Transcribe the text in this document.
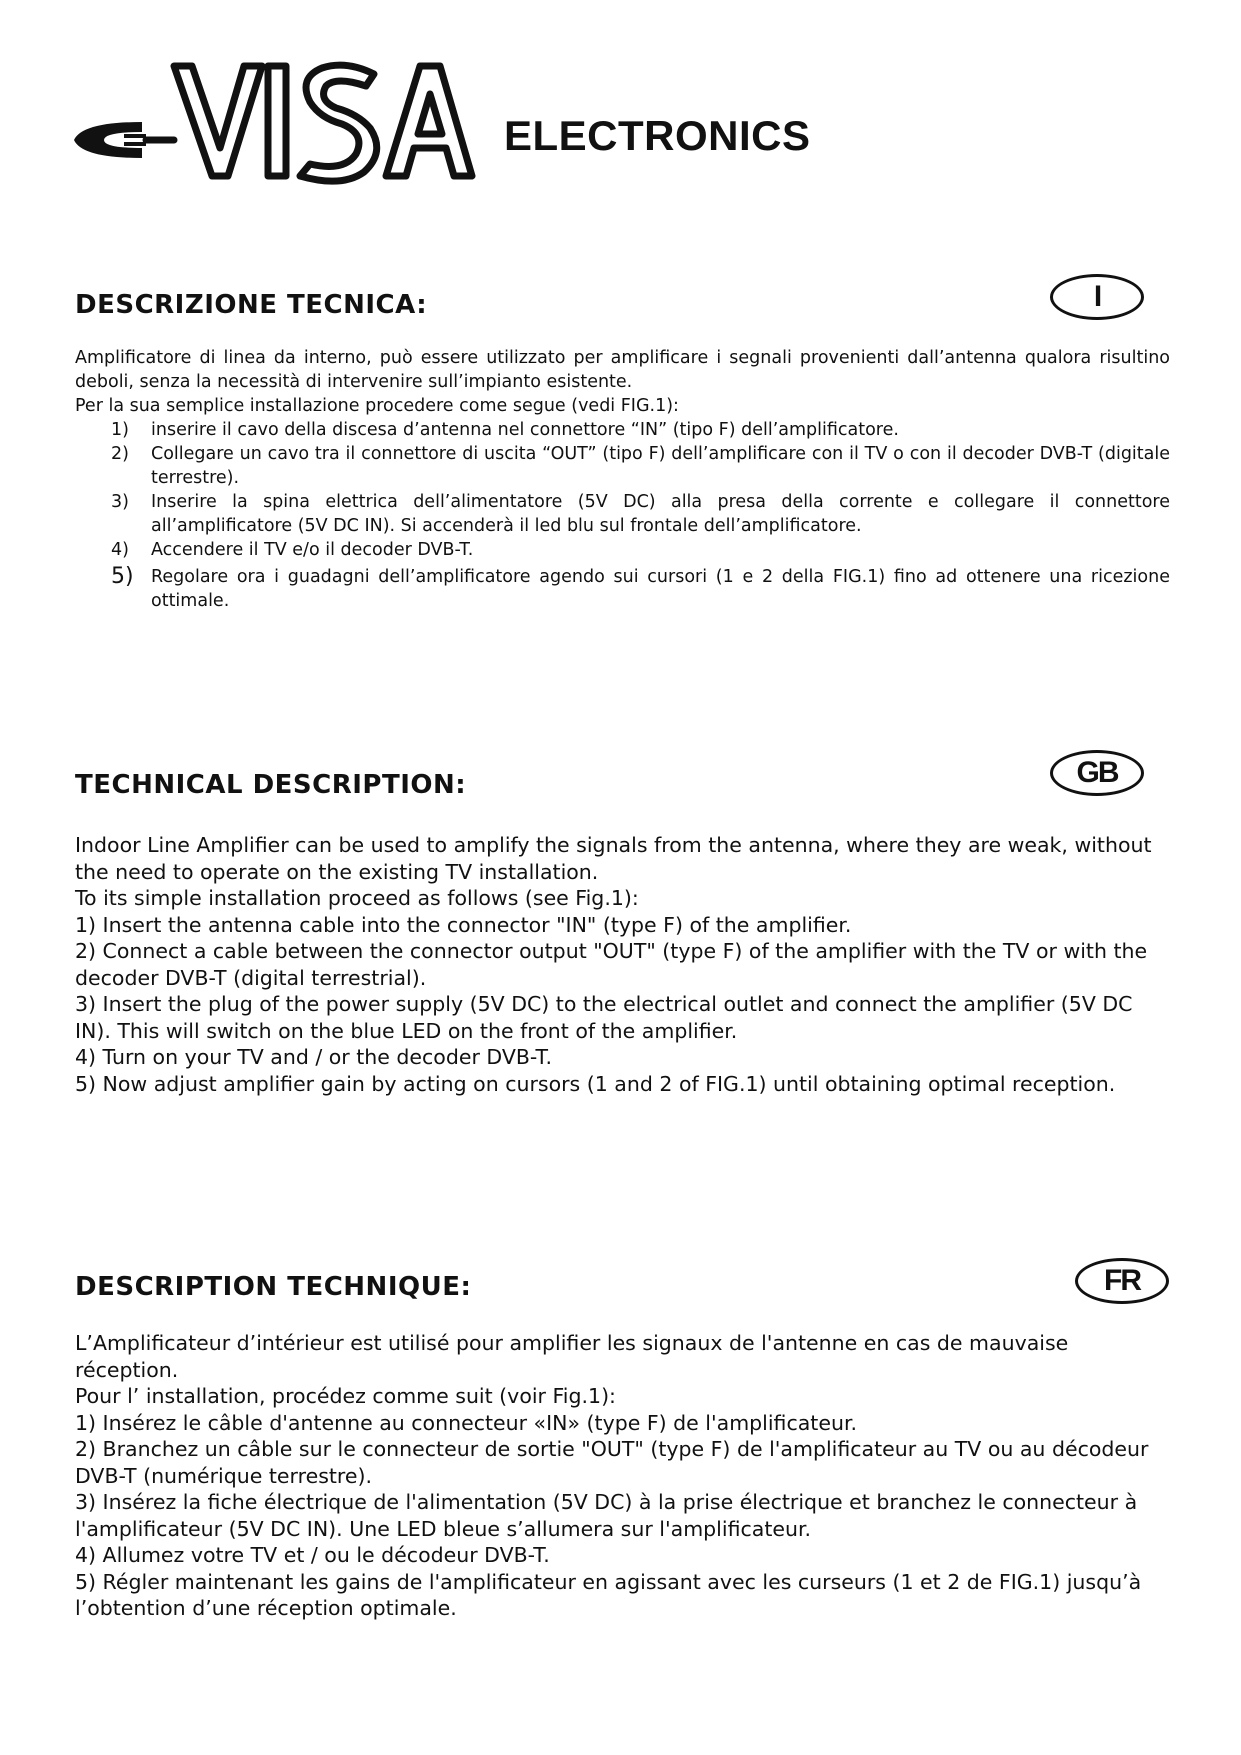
ELECTRONICS
DESCRIZIONE TECNICA:	I

Amplificatore di linea da interno, può essere utilizzato per amplificare i segnali provenienti dall’antenna qualora risultino deboli, senza la necessità di intervenire sull’impianto esistente.

Per la sua semplice installazione procedere come segue (vedi FIG.1):

1) inserire il cavo della discesa d’antenna nel connettore “IN” (tipo F) dell’amplificatore.
2) Collegare un cavo tra il connettore di uscita “OUT” (tipo F) dell’amplificare con il TV o con il decoder DVB-T (digitale terrestre).
3) Inserire la spina elettrica dell’alimentatore (5V DC) alla presa della corrente e collegare il connettore all’amplificatore (5V DC IN). Si accenderà il led blu sul frontale dell’amplificatore.
4) Accendere il TV e/o il decoder DVB-T.
5) Regolare ora i guadagni dell’amplificatore agendo sui cursori (1 e 2 della FIG.1) fino ad ottenere una ricezione ottimale.
TECHNICAL DESCRIPTION:	GB

Indoor Line Amplifier can be used to amplify the signals from the antenna, where they are weak, without the need to operate on the existing TV installation.

To its simple installation proceed as follows (see Fig.1):

1) Insert the antenna cable into the connector "IN" (type F) of the amplifier.

2) Connect a cable between the connector output "OUT" (type F) of the amplifier with the TV or with the decoder DVB-T (digital terrestrial).

3) Insert the plug of the power supply (5V DC) to the electrical outlet and connect the amplifier (5V DC IN). This will switch on the blue LED on the front of the amplifier.

4) Turn on your TV and / or the decoder DVB-T.

5) Now adjust amplifier gain by acting on cursors (1 and 2 of FIG.1) until obtaining optimal reception.

DESCRIPTION TECHNIQUE:	FR

L’Amplificateur d’intérieur est utilisé pour amplifier les signaux de l'antenne en cas de mauvaise réception.

Pour l’ installation, procédez comme suit (voir Fig.1):

1) Insérez le câble d'antenne au connecteur «IN» (type F) de l'amplificateur.

2) Branchez un câble sur le connecteur de sortie "OUT" (type F) de l'amplificateur au TV ou au décodeur DVB-T (numérique terrestre).

3) Insérez la fiche électrique de l'alimentation (5V DC) à la prise électrique et branchez le connecteur à l'amplificateur (5V DC IN). Une LED bleue s’allumera sur l'amplificateur.

4) Allumez votre TV et / ou le décodeur DVB-T.

5) Régler maintenant les gains de l'amplificateur en agissant avec les curseurs (1 et 2 de FIG.1) jusqu’à l’obtention d’une réception optimale.
